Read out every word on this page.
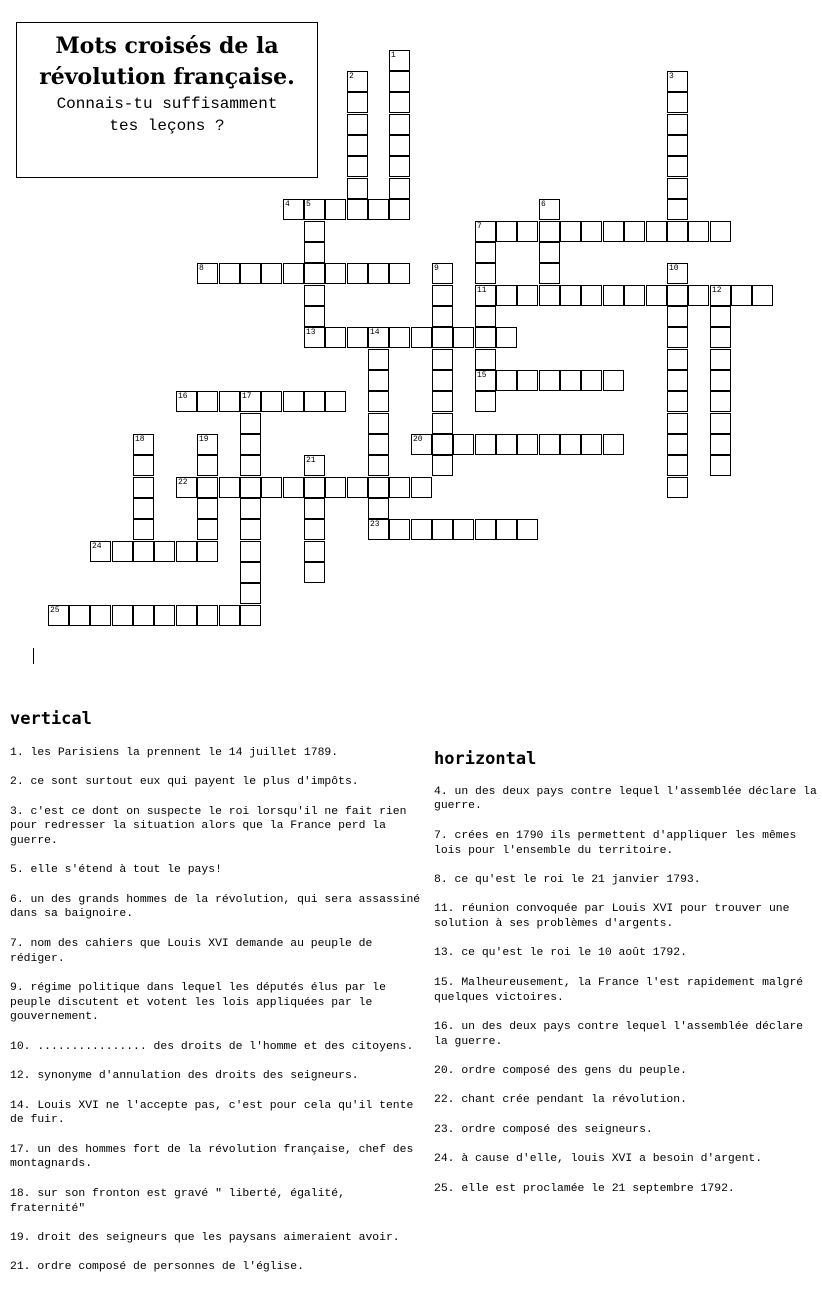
Mots croisés de la
révolution française.
Connais-tu suffisamment
tes leçons ?
1
2	3
4 5	6
7
8	9	10
11	12
13	14
15
16	17
20
21
22
23
24
25
18	19
vertical

1. les Parisiens la prennent le 14 juillet 1789.

2. ce sont surtout eux qui payent le plus d'impôts.

3. c'est ce dont on suspecte le roi lorsqu'il ne fait rien pour redresser la situation alors que la France perd la guerre.

5. elle s'étend à tout le pays!

6. un des grands hommes de la révolution, qui sera assassiné dans sa baignoire.

7. nom des cahiers que Louis XVI demande au peuple de rédiger.

9. régime politique dans lequel les députés élus par le peuple discutent et votent les lois appliquées par le gouvernement.

10. ................ des droits de l'homme et des citoyens.

12. synonyme d'annulation des droits des seigneurs.

14. Louis XVI ne l'accepte pas, c'est pour cela qu'il tente de fuir.

17. un des hommes fort de la révolution française, chef des montagnards.

18. sur son fronton est gravé " liberté, égalité, fraternité"

19. droit des seigneurs que les paysans aimeraient avoir.

21. ordre composé de personnes de l'église.

horizontal

4. un des deux pays contre lequel l'assemblée déclare la guerre.

7. crées en 1790 ils permettent d'appliquer les mêmes lois pour l'ensemble du territoire.

8. ce qu'est le roi le 21 janvier 1793.

11. réunion convoquée par Louis XVI pour trouver une solution à ses problèmes d'argents.

13. ce qu'est le roi le 10 août 1792.

15. Malheureusement, la France l'est rapidement malgré quelques victoires.

16. un des deux pays contre lequel l'assemblée déclare la guerre.

20. ordre composé des gens du peuple.

22. chant crée pendant la révolution.

23. ordre composé des seigneurs.

24. à cause d'elle, louis XVI a besoin d'argent.

25. elle est proclamée le 21 septembre 1792.
